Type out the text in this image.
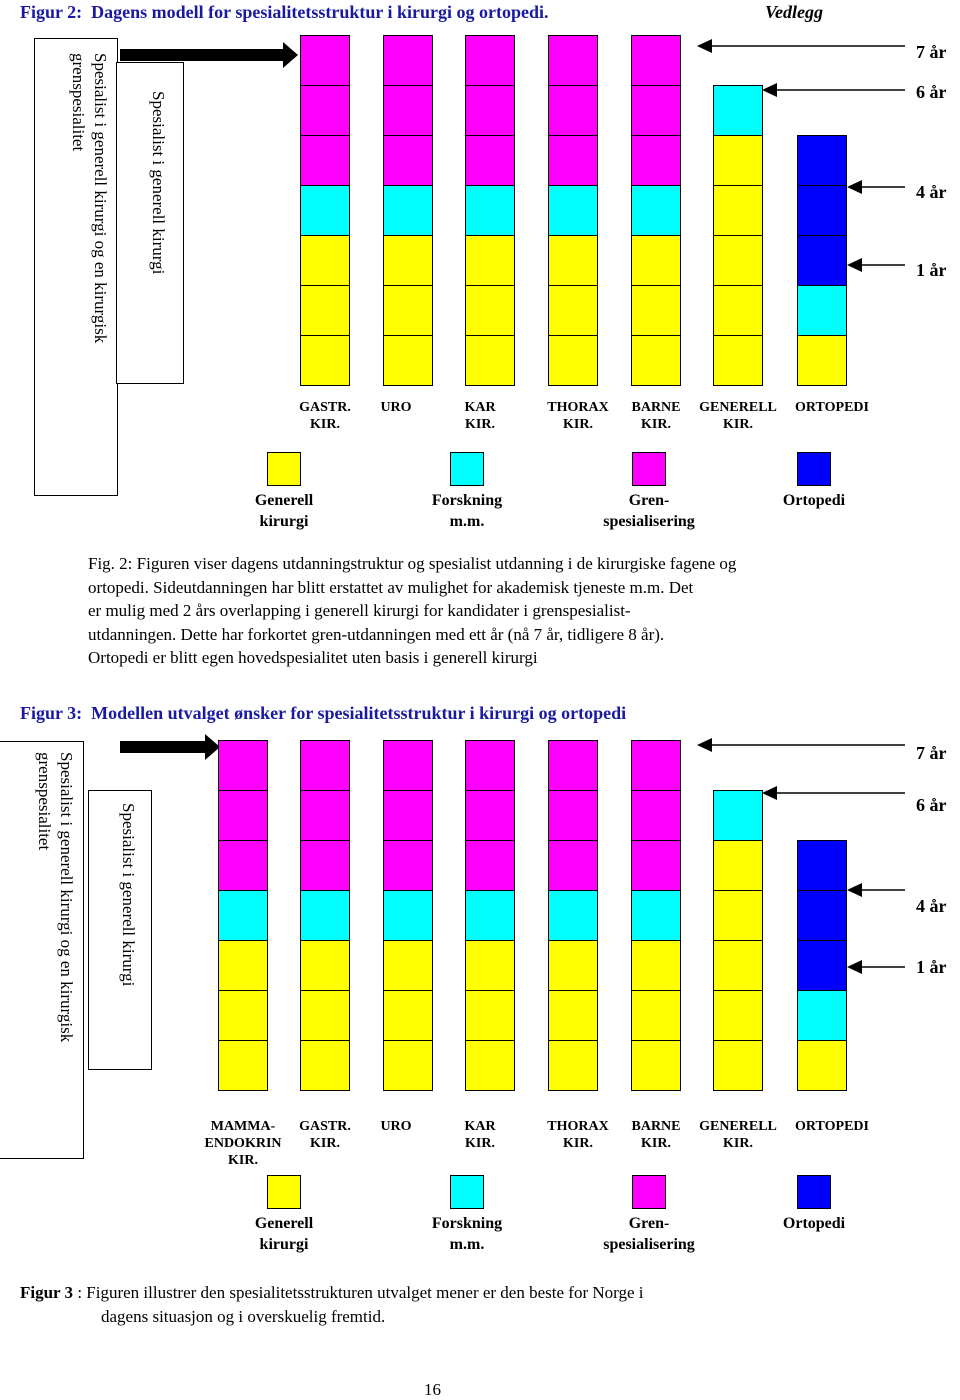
Figur 2: Dagens modell for spesialitetsstruktur i kirurgi og ortopedi.	Vedlegg
Spesialist i generell kirurgi og en kirurgisk
grenspesialitet	Spesialist i generell kirurgi
GASTR.
KIR.
URO	KAR
KIR.
THORAX
KIR.
BARNE
KIR.
GENERELL
KIR.
ORTOPEDI
7 år
6 år
4 år
1 år
Generell
kirurgi
Forskning
m.m.
Gren-
spesialisering
Ortopedi
Fig. 2: Figuren viser dagens utdanningstruktur og spesialist utdanning i de kirurgiske fagene og
ortopedi. Sideutdanningen har blitt erstattet av mulighet for akademisk tjeneste m.m. Det
er mulig med 2 års overlapping i generell kirurgi for kandidater i grenspesialist-
utdanningen. Dette har forkortet gren-utdanningen med ett år (nå 7 år, tidligere 8 år).
Ortopedi er blitt egen hovedspesialitet uten basis i generell kirurgi
Figur 3: Modellen utvalget ønsker for spesialitetsstruktur i kirurgi og ortopedi
Spesialist i generell kirurgi og en kirurgisk
grenspesialitet
Spesialist i generell kirurgi
MAMMA-
ENDOKRIN
KIR.
GASTR.
KIR.
URO	KAR
KIR.
THORAX
KIR.
BARNE
KIR.
GENERELL
KIR.
ORTOPEDI
7 år
6 år
4 år
1 år
Generell
kirurgi
Forskning
m.m.
Gren-
spesialisering
Ortopedi
Figur 3 : Figuren illustrer den spesialitetsstrukturen utvalget mener er den beste for Norge i
dagens situasjon og i overskuelig fremtid.
16
